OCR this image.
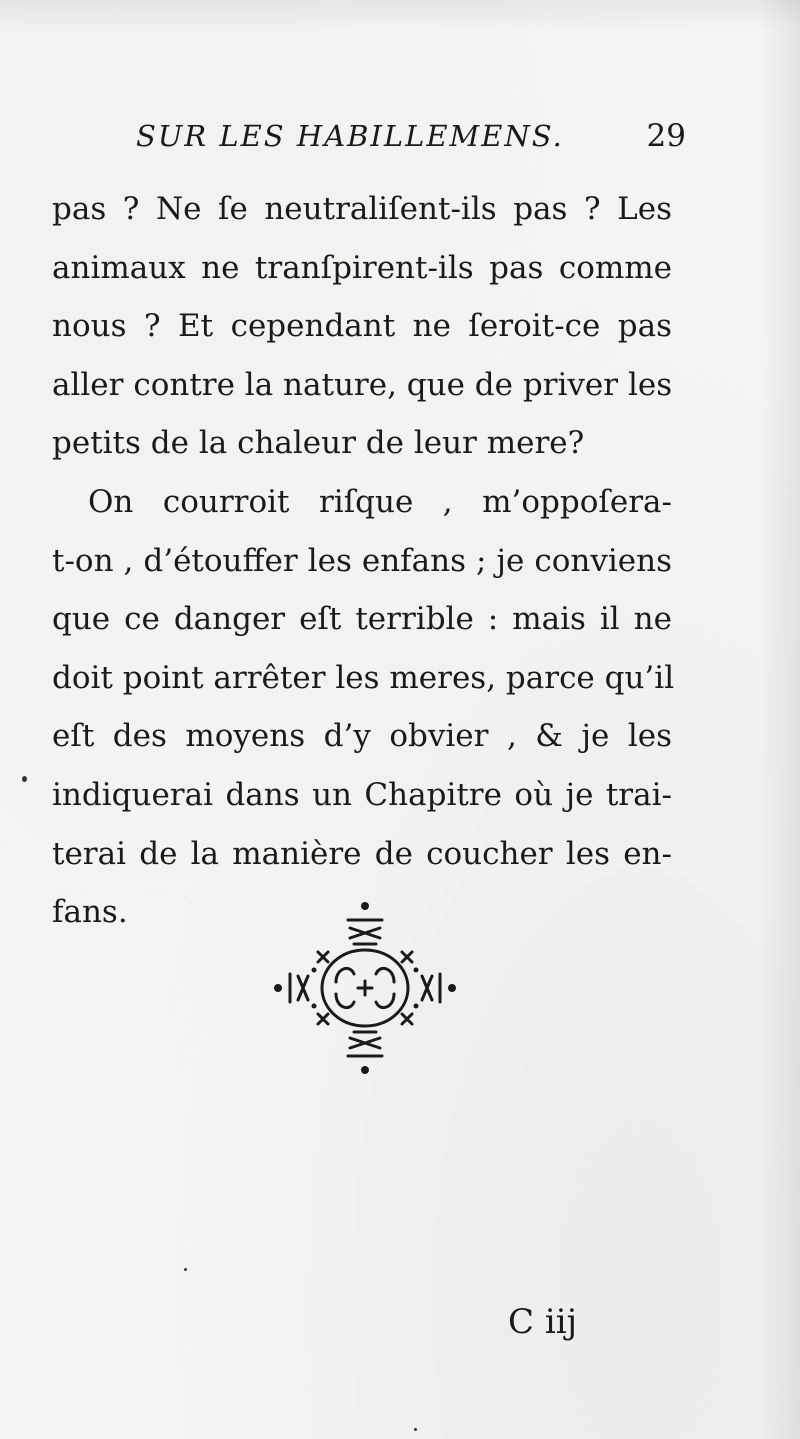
SUR LES HABILLEMENS.	29
pas ? Ne ſe neutraliſent-ils pas ? Les
animaux ne tranſpirent-ils pas comme
nous ? Et cependant ne ſeroit-ce pas
aller contre la nature, que de priver les
petits de la chaleur de leur mere?
On courroit riſque , m’oppoſera-
t-on , d’étouffer les enfans ; je conviens
que ce danger eſt terrible : mais il ne
doit point arrêter les meres, parce qu’il
eſt des moyens d’y obvier , & je les
indiquerai dans un Chapitre où je trai-
terai de la manière de coucher les en-
fans.
C iij
